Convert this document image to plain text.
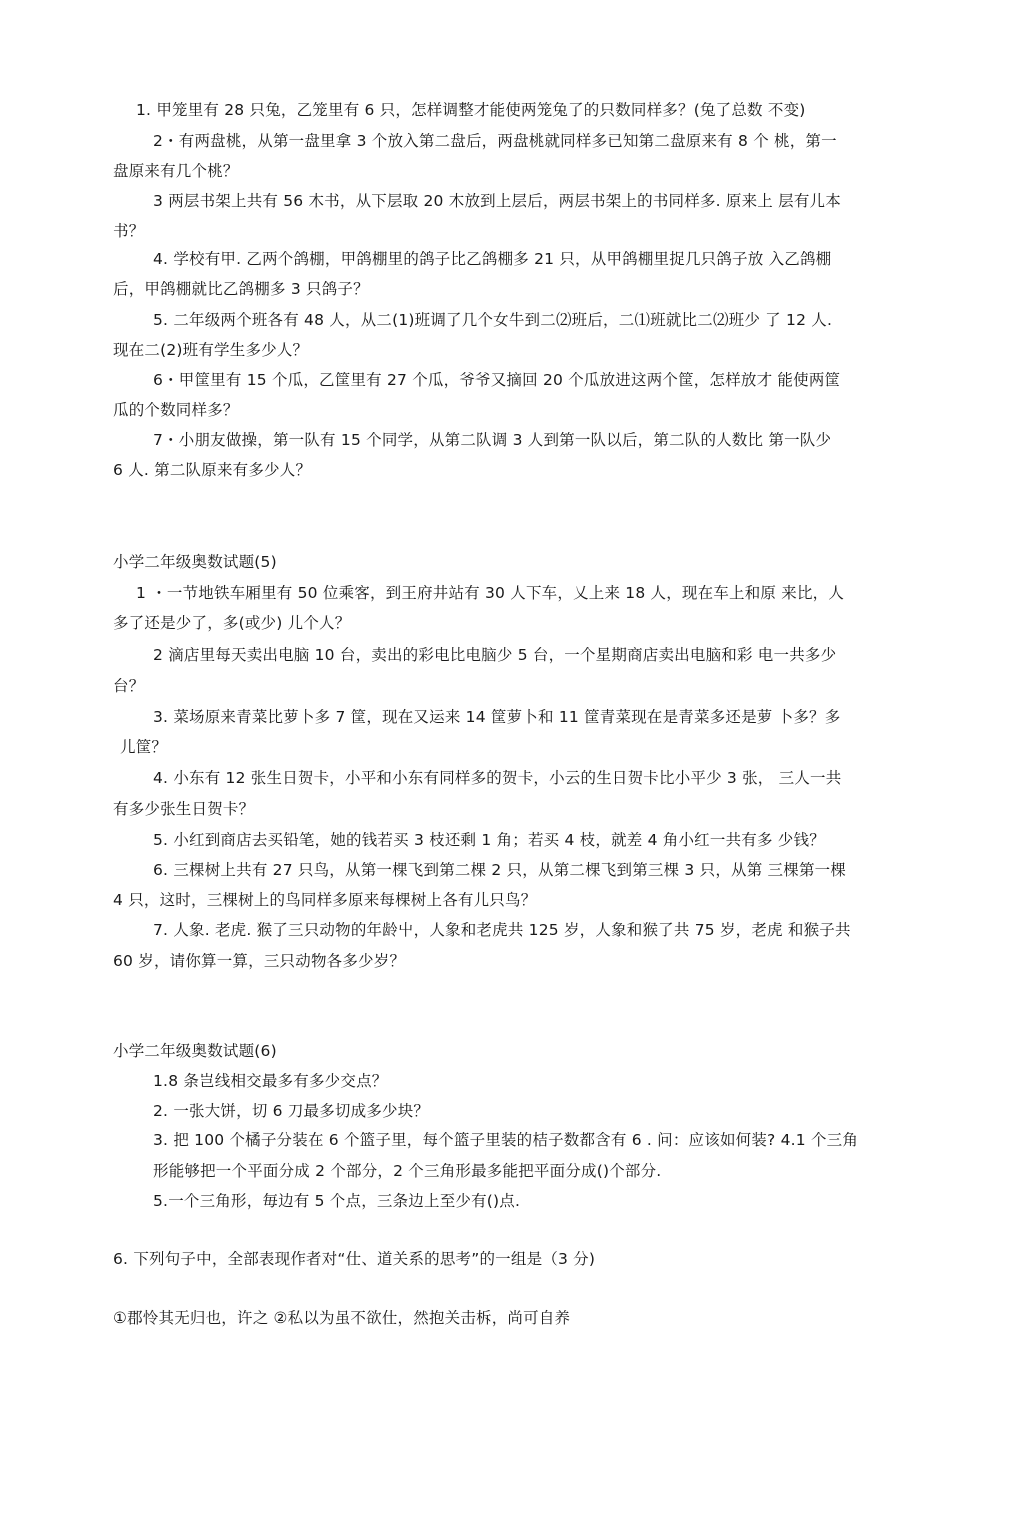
1. 甲笼里有 28 只兔，乙笼里有 6 只，怎样调整才能使两笼兔了的只数同样多？(兔了总数 不变)
2・有两盘桃，从第一盘里拿 3 个放入第二盘后，两盘桃就同样多已知第二盘原来有 8 个 桃，第一
盘原来有几个桃？
3 两层书架上共有 56 木书，从下层取 20 木放到上层后，两层书架上的书同样多. 原来上 层有儿本
书？
4. 学校有甲. 乙两个鸽棚，甲鸽棚里的鸽子比乙鸽棚多 21 只，从甲鸽棚里捉几只鸽子放 入乙鸽棚
后，甲鸽棚就比乙鸽棚多 3 只鸽子？
5. 二年级两个班各有 48 人，从二(1)班调了几个女牛到二⑵班后，二⑴班就比二⑵班少 了 12 人.
现在二(2)班有学生多少人？
6・甲筐里有 15 个瓜，乙筐里有 27 个瓜，爷爷又摘回 20 个瓜放进这两个筐，怎样放才 能使两筐
瓜的个数同样多？
7・小朋友做操，第一队有 15 个同学，从第二队调 3 人到第一队以后，第二队的人数比 第一队少
6 人. 第二队原来有多少人？
小学二年级奥数试题(5)
1 ・一节地铁车厢里有 50 位乘客，到王府井站有 30 人下车，乂上来 18 人，现在车上和原 来比，人
多了还是少了，多(或少) 儿个人？
2 滴店里每天卖出电脑 10 台，卖出的彩电比电脑少 5 台，一个星期商店卖出电脑和彩 电一共多少
台？
3. 菜场原来青菜比萝卜多 7 筐，现在又运来 14 筐萝卜和 11 筐青菜现在是青菜多还是萝 卜多？多
儿筐？
4. 小东有 12 张生日贺卡，小平和小东有同样多的贺卡，小云的生日贺卡比小平少 3 张， 三人一共
有多少张生日贺卡？
5. 小红到商店去买铅笔，她的钱若买 3 枝还剩 1 角；若买 4 枝，就差 4 角小红一共有多 少钱？
6. 三棵树上共有 27 只鸟，从第一棵飞到第二棵 2 只，从第二棵飞到第三棵 3 只，从第 三棵第一棵
4 只，这时，三棵树上的鸟同样多原来每棵树上各有儿只鸟？
7. 人象. 老虎. 猴了三只动物的年龄屮，人象和老虎共 125 岁，人象和猴了共 75 岁，老虎 和猴子共
60 岁，请你算一算，三只动物各多少岁？
小学二年级奥数试题(6)
1.8 条岂线相交最多有多少交点？
2. 一张大饼，切 6 刀最多切成多少块？
3. 把 100 个橘子分装在 6 个篮子里，每个篮子里装的桔子数都含有 6 . 问：应该如何装? 4.1 个三角
形能够把一个平面分成 2 个部分，2 个三角形最多能把平面分成()个部分.
5.一个三角形，毎边有 5 个点，三条边上至少有()点.
6. 下列句子中，全部表现作者对“仕、道关系的思考”的一组是（3 分)
①郡怜其无归也，许之 ②私以为虽不欲仕，然抱关击柝，尚可自养
